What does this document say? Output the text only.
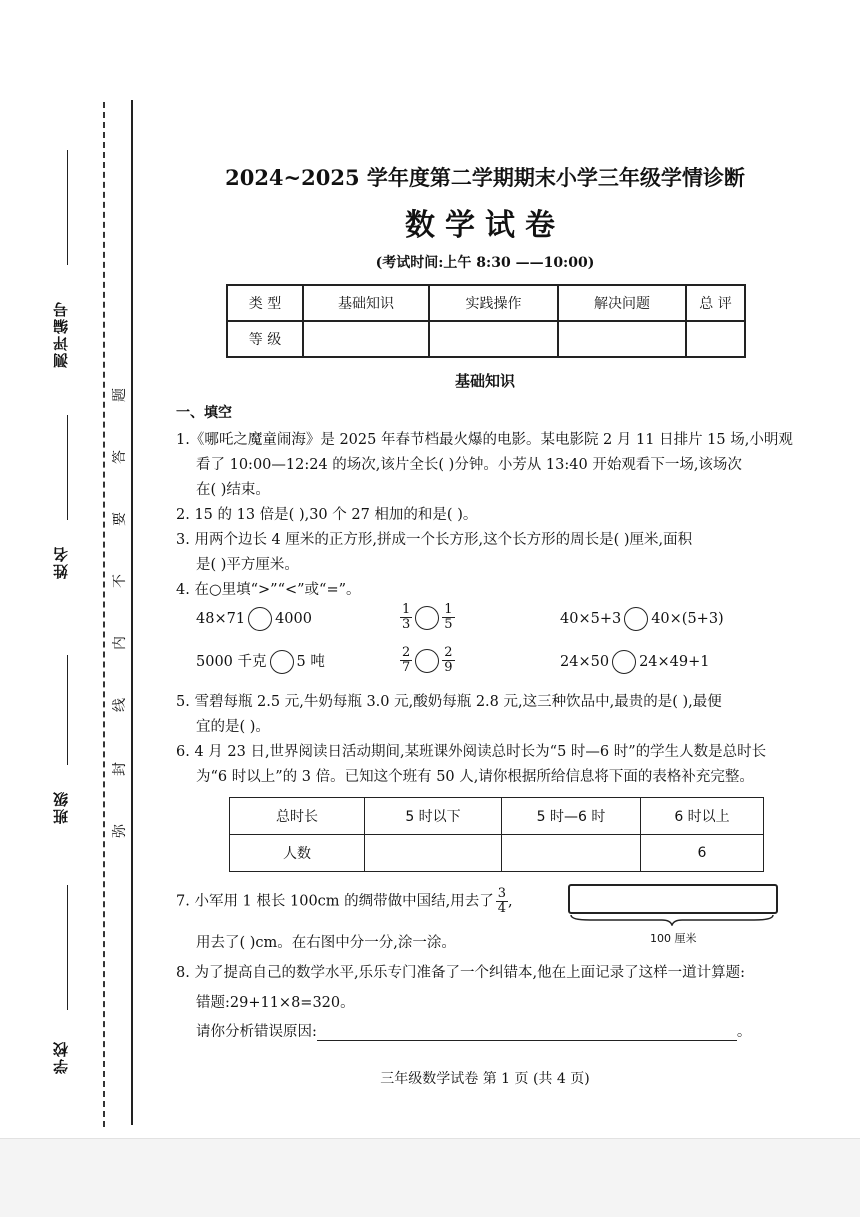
测评编号
姓名
班级
学校
题
答
要
不
内
线
封
弥
2024~2025 学年度第二学期期末小学三年级学情诊断
数学试卷
(考试时间:上午 8:30 ——10:00)
类 型	基础知识	实践操作	解决问题	总 评
等 级				
基础知识
一、填空
1.《哪吒之魔童闹海》是 2025 年春节档最火爆的电影。某电影院 2 月 11 日排片 15 场,小明观
看了 10:00—12:24 的场次,该片全长( )分钟。小芳从 13:40 开始观看下一场,该场次
在( )结束。
2. 15 的 13 倍是( ),30 个 27 相加的和是( )。
3. 用两个边长 4 厘米的正方形,拼成一个长方形,这个长方形的周长是( )厘米,面积
是( )平方厘米。
4. 在○里填“>”“<”或“=”。
48×71 4000	$\frac{1}{3} \frac{1}{5}$	40×5+3 40×(5+3)
5000 千克 5 吨	$\frac{2}{7} \frac{2}{9}$	24×50 24×49+1
5. 雪碧每瓶 2.5 元,牛奶每瓶 3.0 元,酸奶每瓶 2.8 元,这三种饮品中,最贵的是( ),最便
宜的是( )。
6. 4 月 23 日,世界阅读日活动期间,某班课外阅读总时长为“5 时—6 时”的学生人数是总时长
为“6 时以上”的 3 倍。已知这个班有 50 人,请你根据所给信息将下面的表格补充完整。
总时长	5 时以下	5 时—6 时	6 时以上
人数			6
7. 小军用 1 根长 100cm 的绸带做中国结,用去了 $\frac{3}{4}$ ,
用去了( )cm。在右图中分一分,涂一涂。	100 厘米
8. 为了提高自己的数学水平,乐乐专门准备了一个纠错本,他在上面记录了这样一道计算题:
错题:29+11×8=320。
请你分析错误原因:	。
三年级数学试卷 第 1 页 (共 4 页)
